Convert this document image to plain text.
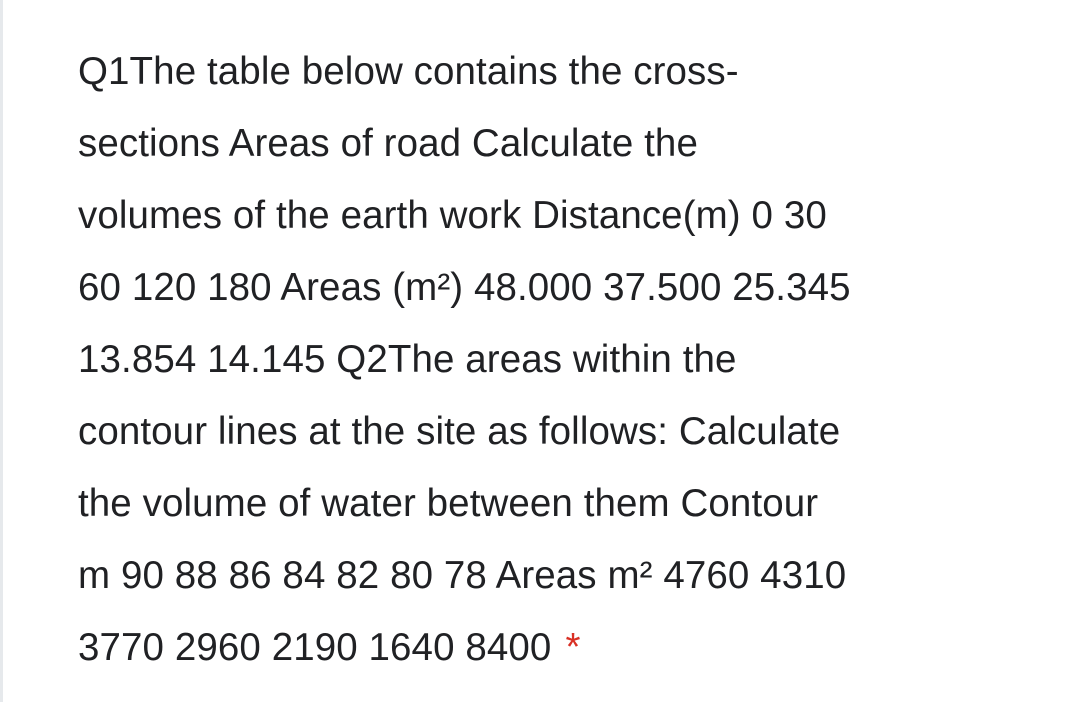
Q1The table below contains the cross-
sections Areas of road Calculate the
volumes of the earth work Distance(m) 0 30
60 120 180 Areas (m²) 48.000 37.500 25.345
13.854 14.145 Q2The areas within the
contour lines at the site as follows: Calculate
the volume of water between them Contour
m 90 88 86 84 82 80 78 Areas m² 4760 4310
3770 2960 2190 1640 8400 *
